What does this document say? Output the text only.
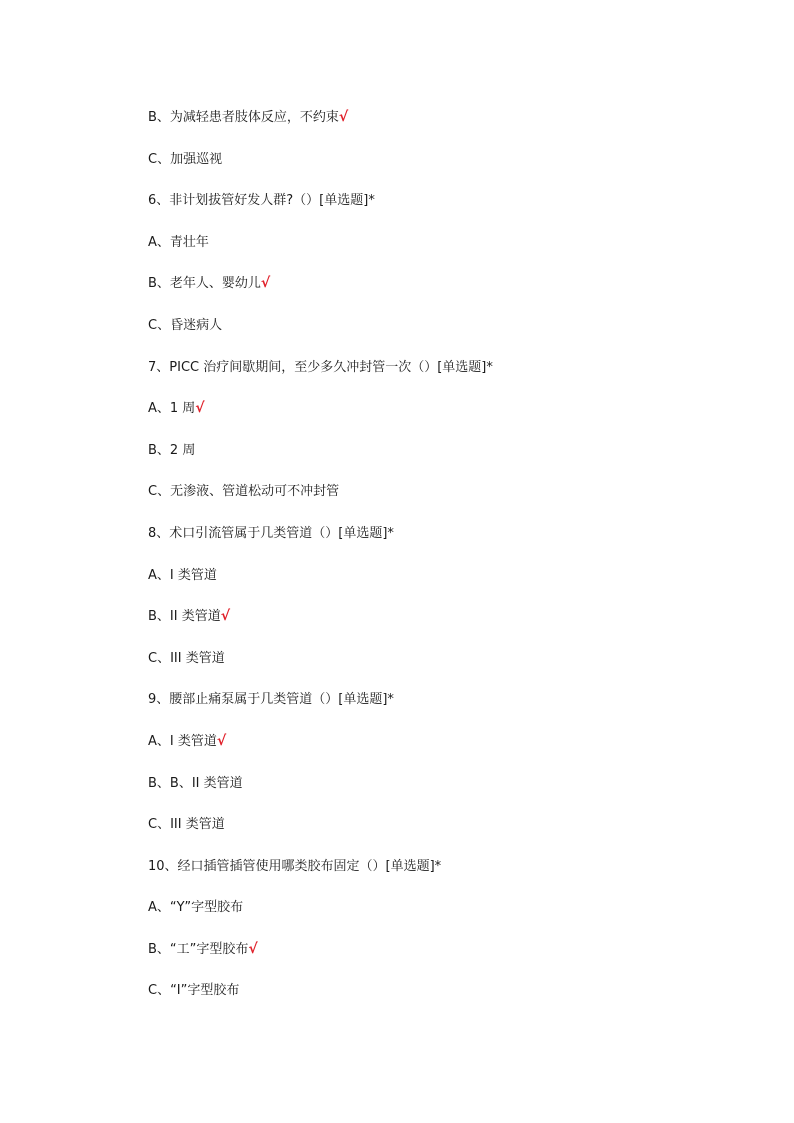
B、为减轻患者肢体反应，不约束√
C、加强巡视
6、非计划拔管好发人群?（）[单选题]*
A、青壮年
B、老年人、婴幼儿√
C、昏迷病人
7、PICC 治疗间歇期间，至少多久冲封管一次（）[单选题]*
A、1 周√
B、2 周
C、无渗液、管道松动可不冲封管
8、术口引流管属于几类管道（）[单选题]*
A、I 类管道
B、II 类管道√
C、III 类管道
9、腰部止痛泵属于几类管道（）[单选题]*
A、I 类管道√
B、B、II 类管道
C、III 类管道
10、经口插管插管使用哪类胶布固定（）[单选题]*
A、“Y”字型胶布
B、“工”字型胶布√
C、“I”字型胶布
